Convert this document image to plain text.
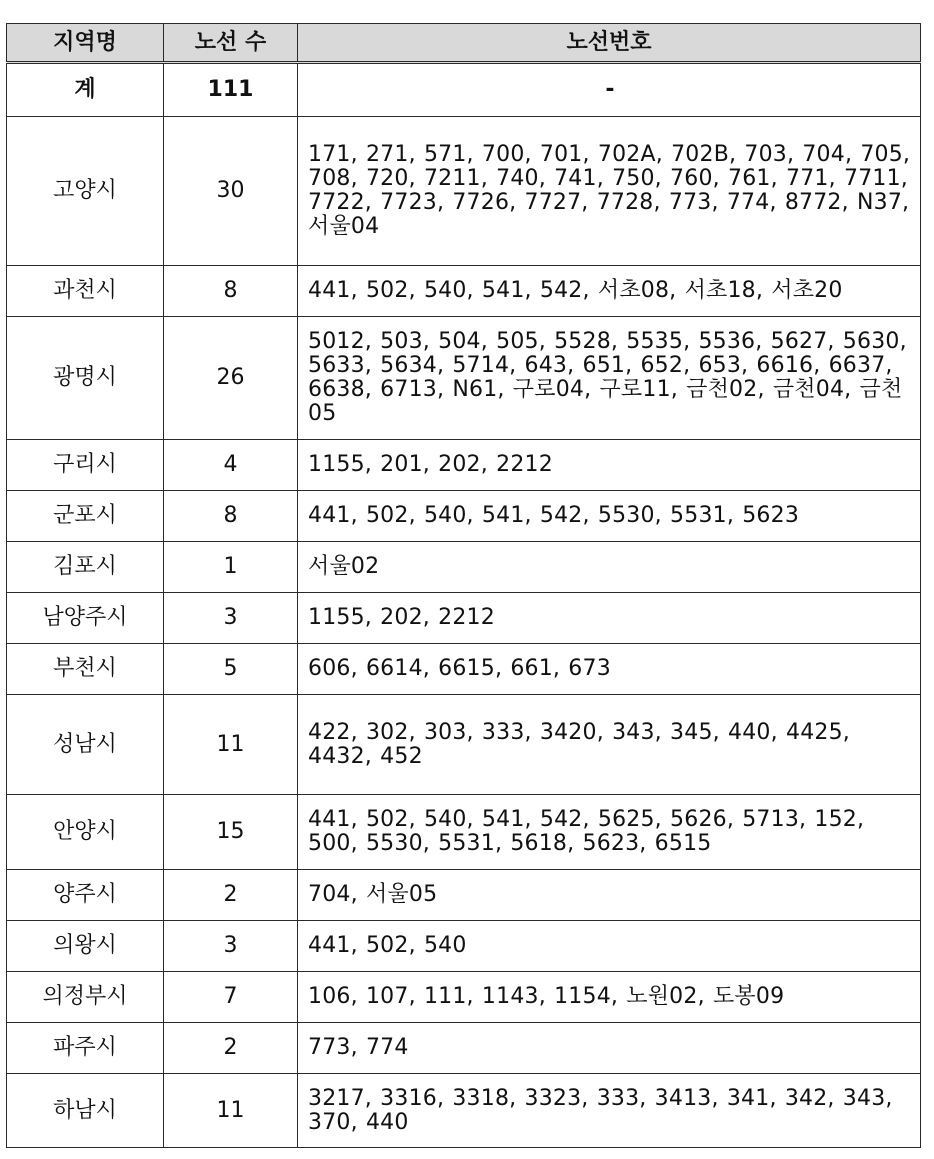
지역명	노선 수	노선번호
계	111	-
고양시	30	171, 271, 571, 700, 701, 702A, 702B, 703, 704, 705, 708, 720, 7211, 740, 741, 750, 760, 761, 771, 7711, 7722, 7723, 7726, 7727, 7728, 773, 774, 8772, N37, 서울04
과천시	8	441, 502, 540, 541, 542, 서초08, 서초18, 서초20
광명시	26	5012, 503, 504, 505, 5528, 5535, 5536, 5627, 5630, 5633, 5634, 5714, 643, 651, 652, 653, 6616, 6637, 6638, 6713, N61, 구로04, 구로11, 금천02, 금천04, 금천05
구리시	4	1155, 201, 202, 2212
군포시	8	441, 502, 540, 541, 542, 5530, 5531, 5623
김포시	1	서울02
남양주시	3	1155, 202, 2212
부천시	5	606, 6614, 6615, 661, 673
성남시	11	422, 302, 303, 333, 3420, 343, 345, 440, 4425, 4432, 452
안양시	15	441, 502, 540, 541, 542, 5625, 5626, 5713, 152, 500, 5530, 5531, 5618, 5623, 6515
양주시	2	704, 서울05
의왕시	3	441, 502, 540
의정부시	7	106, 107, 111, 1143, 1154, 노원02, 도봉09
파주시	2	773, 774
하남시	11	3217, 3316, 3318, 3323, 333, 3413, 341, 342, 343, 370, 440
